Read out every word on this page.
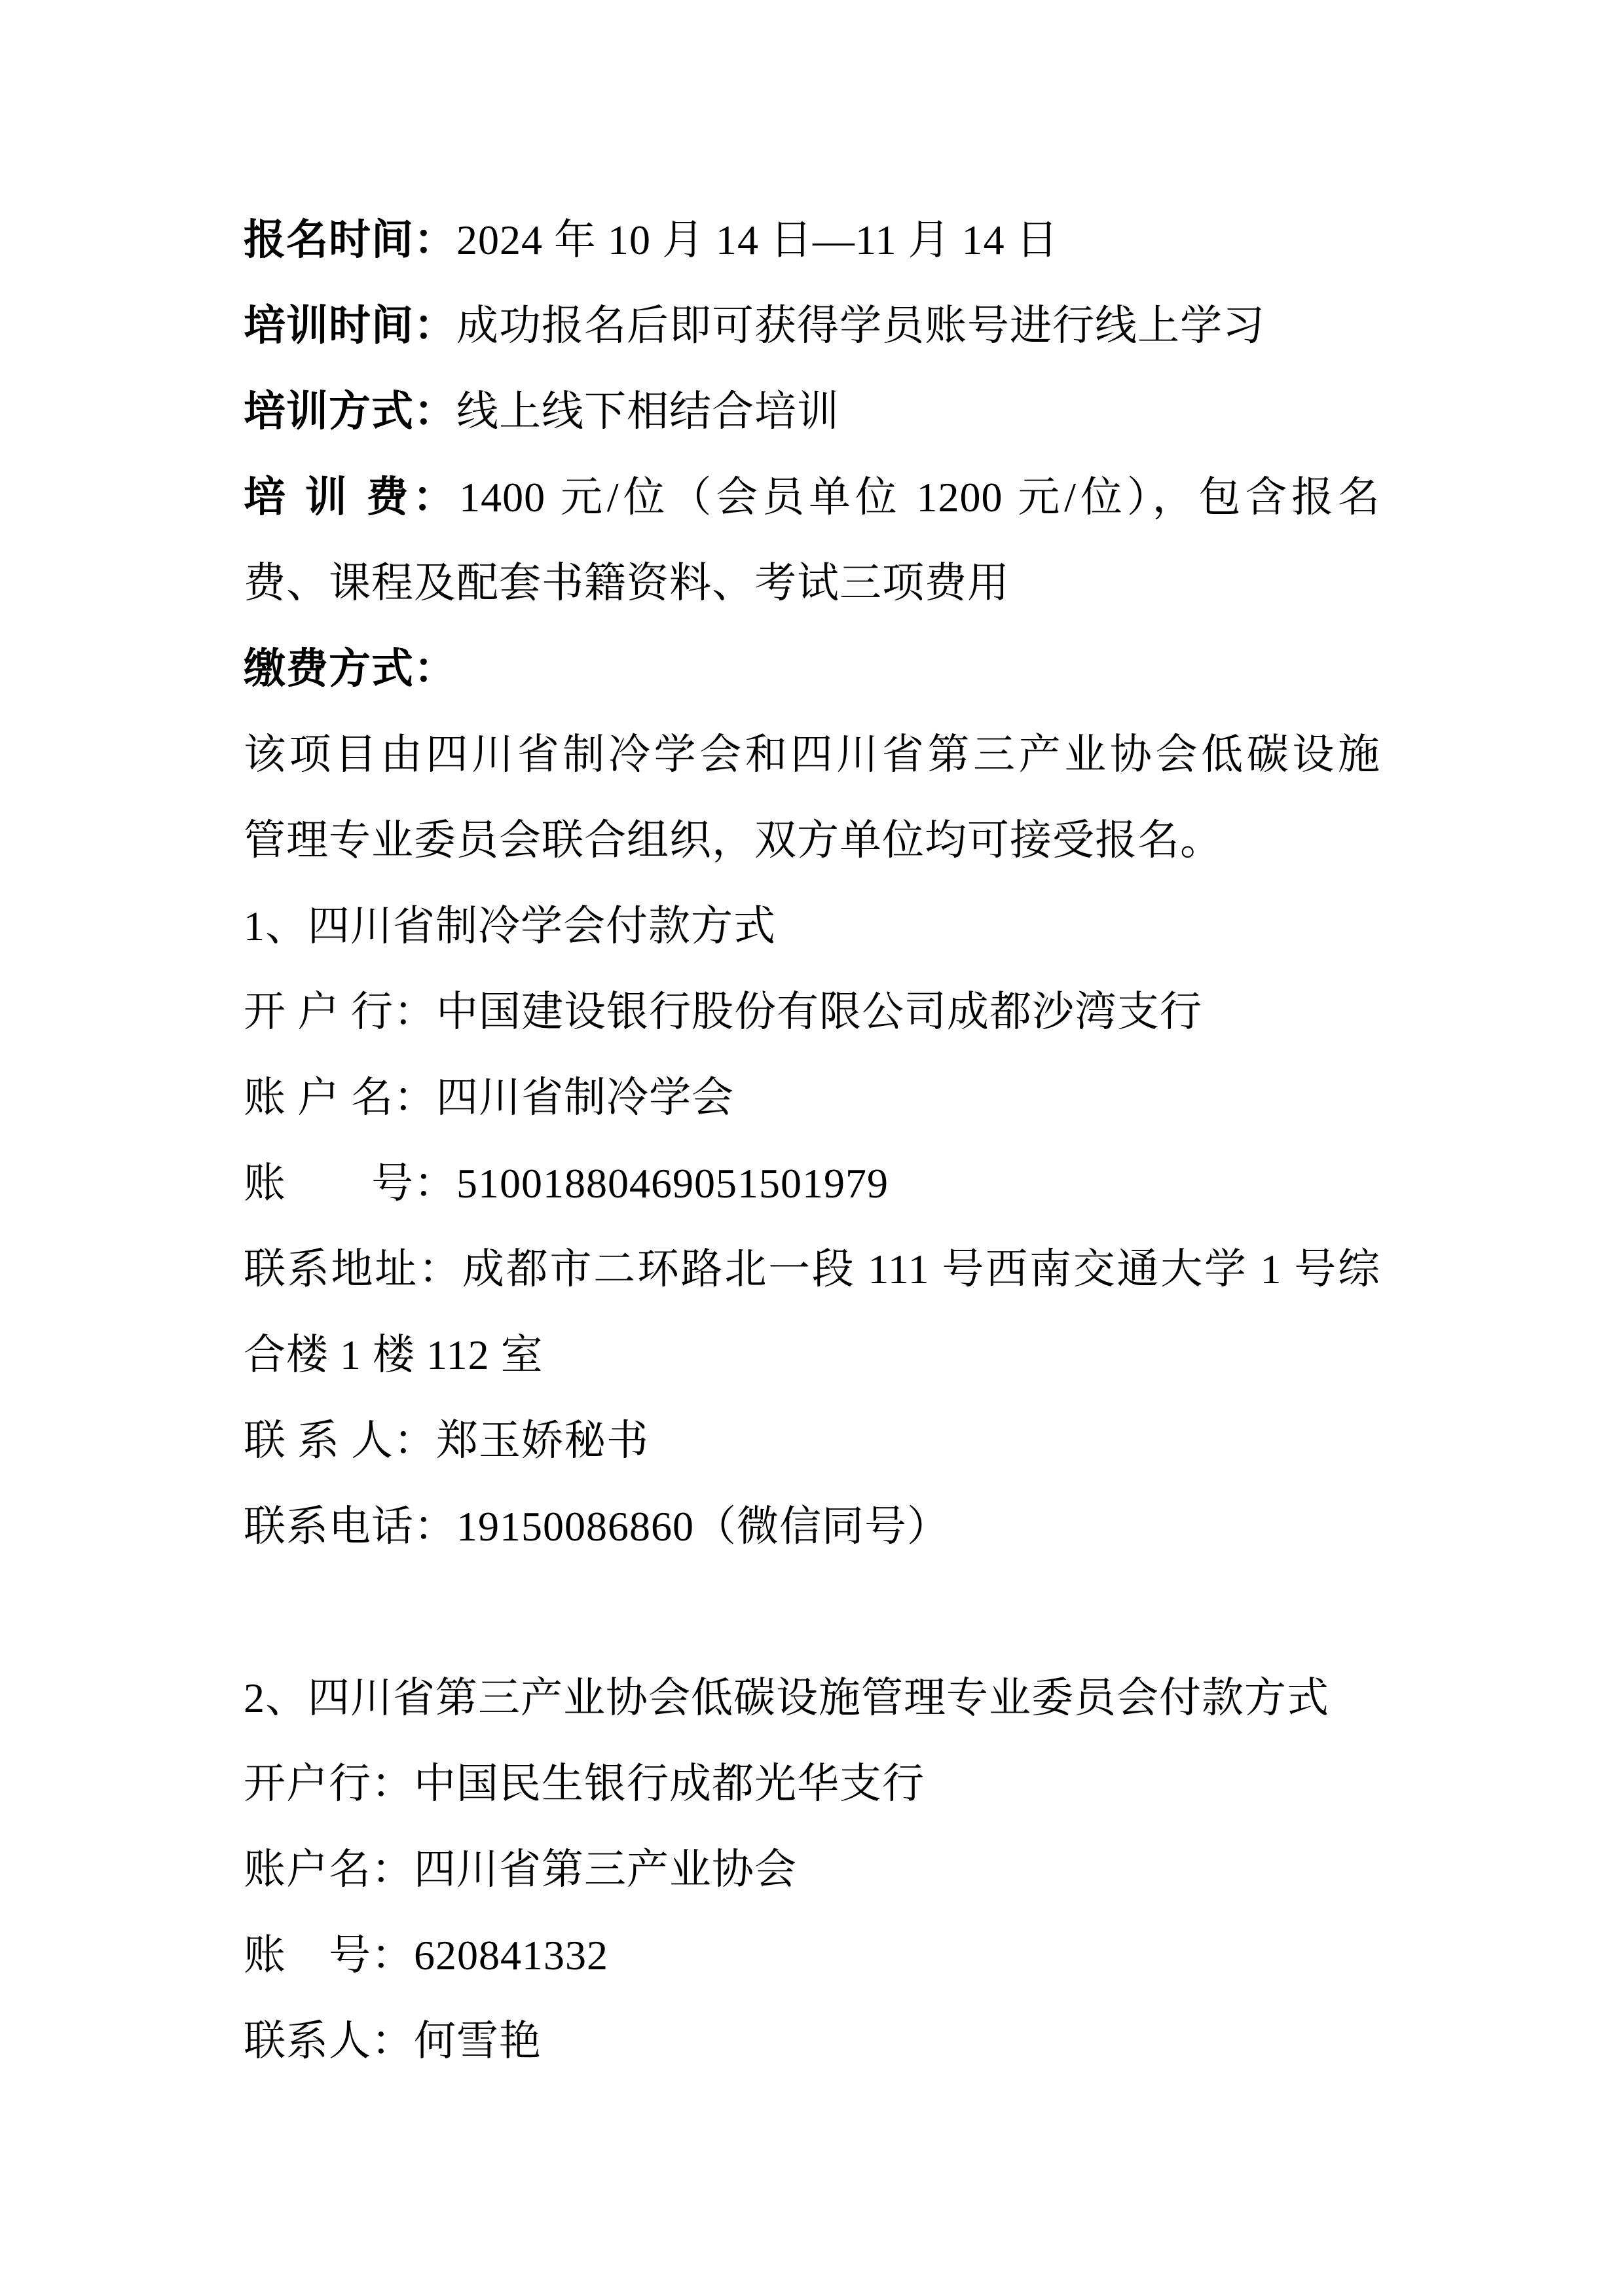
报名时间：2024 年 10 月 14 日—11 月 14 日
培训时间：成功报名后即可获得学员账号进行线上学习
培训方式：线上线下相结合培训
培 训 费：1400 元/位（会员单位 1200 元/位），包含报名
费、课程及配套书籍资料、考试三项费用
缴费方式：
该项目由四川省制冷学会和四川省第三产业协会低碳设施
管理专业委员会联合组织，双方单位均可接受报名。
1、四川省制冷学会付款方式
开 户 行：中国建设银行股份有限公司成都沙湾支行
账 户 名：四川省制冷学会
账　　号：51001880469051501979
联系地址：成都市二环路北一段 111 号西南交通大学 1 号综
合楼 1 楼 112 室
联 系 人：郑玉娇秘书
联系电话：19150086860（微信同号）
2、四川省第三产业协会低碳设施管理专业委员会付款方式
开户行：中国民生银行成都光华支行
账户名：四川省第三产业协会
账　号：620841332
联系人：何雪艳
